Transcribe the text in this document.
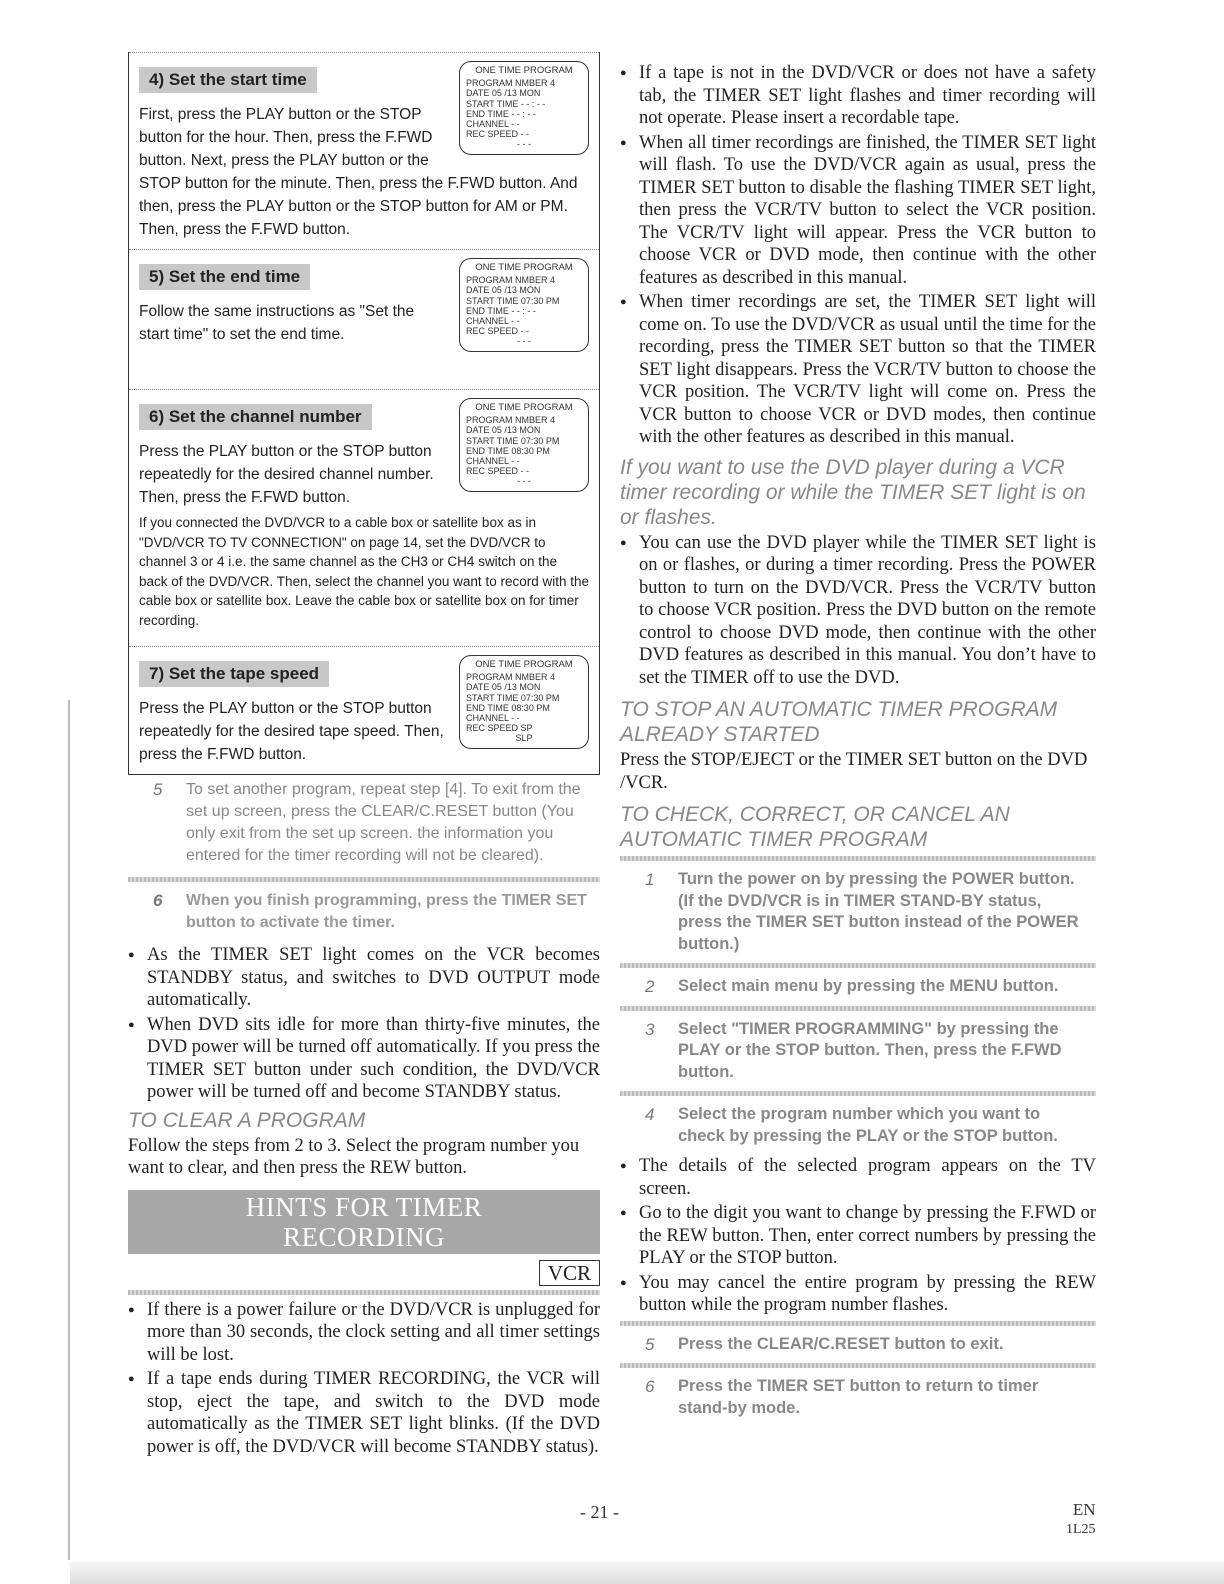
ONE TIME PROGRAM
PROGRAM NMBER 4
DATE 05 /13 MON
START TIME - - : - -
END TIME - - : - -
CHANNEL - -
REC SPEED - -
- - -
4) Set the start time
First, press the PLAY button or the STOP button for the hour. Then, press the F.FWD button. Next, press the PLAY button or the STOP button for the minute. Then, press the F.FWD button. And then, press the PLAY button or the STOP button for AM or PM. Then, press the F.FWD button.
ONE TIME PROGRAM
PROGRAM NMBER 4
DATE 05 /13 MON
START TIME 07:30 PM
END TIME - - : - -
CHANNEL - -
REC SPEED - -
- - -
5) Set the end time
Follow the same instructions as "Set the start time" to set the end time.
ONE TIME PROGRAM
PROGRAM NMBER 4
DATE 05 /13 MON
START TIME 07:30 PM
END TIME 08:30 PM
CHANNEL - -
REC SPEED - -
- - -
6) Set the channel number
Press the PLAY button or the STOP button repeatedly for the desired channel number. Then, press the F.FWD button.
If you connected the DVD/VCR to a cable box or satellite box as in "DVD/VCR TO TV CONNECTION" on page 14, set the DVD/VCR to channel 3 or 4 i.e. the same channel as the CH3 or CH4 switch on the back of the DVD/VCR. Then, select the channel you want to record with the cable box or satellite box. Leave the cable box or satellite box on for timer recording.
ONE TIME PROGRAM
PROGRAM NMBER 4
DATE 05 /13 MON
START TIME 07:30 PM
END TIME 08:30 PM
CHANNEL - -
REC SPEED SP
SLP
7) Set the tape speed
Press the PLAY button or the STOP button repeatedly for the desired tape speed. Then, press the F.FWD button.
5 To set another program, repeat step [4]. To exit from the set up screen, press the CLEAR/C.RESET button (You only exit from the set up screen. the information you entered for the timer recording will not be cleared).
6 When you finish programming, press the TIMER SET button to activate the timer.
● As the TIMER SET light comes on the VCR becomes STANDBY status, and switches to DVD OUTPUT mode automatically.
● When DVD sits idle for more than thirty-five minutes, the DVD power will be turned off automatically. If you press the TIMER SET button under such condition, the DVD/VCR power will be turned off and become STANDBY status.
TO CLEAR A PROGRAM
Follow the steps from 2 to 3. Select the program number you want to clear, and then press the REW button.
HINTS FOR TIMER
RECORDING
VCR
● If there is a power failure or the DVD/VCR is unplugged for more than 30 seconds, the clock setting and all timer settings will be lost.
● If a tape ends during TIMER RECORDING, the VCR will stop, eject the tape, and switch to the DVD mode automatically as the TIMER SET light blinks. (If the DVD power is off, the DVD/VCR will become STANDBY status).
● If a tape is not in the DVD/VCR or does not have a safety tab, the TIMER SET light flashes and timer recording will not operate. Please insert a recordable tape.
● When all timer recordings are finished, the TIMER SET light will flash. To use the DVD/VCR again as usual, press the TIMER SET button to disable the flashing TIMER SET light, then press the VCR/TV button to select the VCR position. The VCR/TV light will appear. Press the VCR button to choose VCR or DVD mode, then continue with the other features as described in this manual.
● When timer recordings are set, the TIMER SET light will come on. To use the DVD/VCR as usual until the time for the recording, press the TIMER SET button so that the TIMER SET light disappears. Press the VCR/TV button to choose the VCR position. The VCR/TV light will come on. Press the VCR button to choose VCR or DVD modes, then continue with the other features as described in this manual.
If you want to use the DVD player during a VCR timer recording or while the TIMER SET light is on or flashes.
● You can use the DVD player while the TIMER SET light is on or flashes, or during a timer recording. Press the POWER button to turn on the DVD/VCR. Press the VCR/TV button to choose VCR position. Press the DVD button on the remote control to choose DVD mode, then continue with the other DVD features as described in this manual. You don’t have to set the TIMER off to use the DVD.
TO STOP AN AUTOMATIC TIMER PROGRAM ALREADY STARTED
Press the STOP/EJECT or the TIMER SET button on the DVD /VCR.
TO CHECK, CORRECT, OR CANCEL AN AUTOMATIC TIMER PROGRAM
1 Turn the power on by pressing the POWER button. (If the DVD/VCR is in TIMER STAND-BY status, press the TIMER SET button instead of the POWER button.)
2 Select main menu by pressing the MENU button.
3 Select "TIMER PROGRAMMING" by pressing the PLAY or the STOP button. Then, press the F.FWD button.
4 Select the program number which you want to check by pressing the PLAY or the STOP button.
● The details of the selected program appears on the TV screen.
● Go to the digit you want to change by pressing the F.FWD or the REW button. Then, enter correct numbers by pressing the PLAY or the STOP button.
● You may cancel the entire program by pressing the REW button while the program number flashes.
5 Press the CLEAR/C.RESET button to exit.
6 Press the TIMER SET button to return to timer stand-by mode.
- 21 -	EN
1L25
